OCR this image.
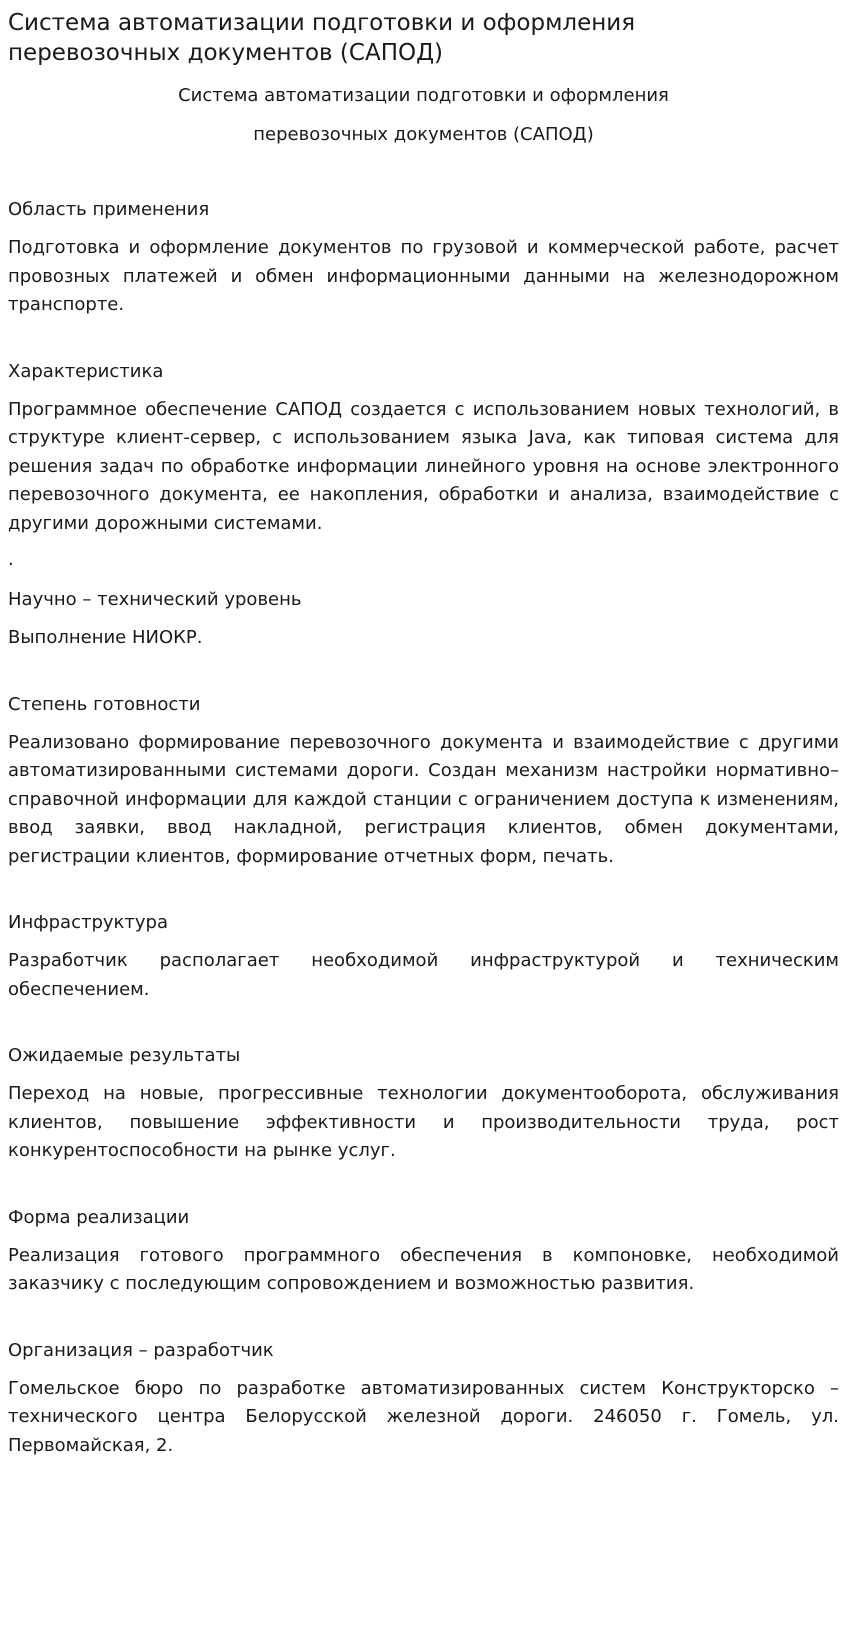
Система автоматизации подготовки и оформления перевозочных документов (САПОД)
Система автоматизации подготовки и оформления
перевозочных документов (САПОД)
Область применения

Подготовка и оформление документов по грузовой и коммерческой работе, расчет провозных платежей и обмен информационными данными на железнодорожном транспорте.

Характеристика

Программное обеспечение САПОД создается с использованием новых технологий, в структуре клиент-сервер, с использованием языка Java, как типовая система для решения задач по обработке информации линейного уровня на основе электронного перевозочного документа, ее накопления, обработки и анализа, взаимодействие с другими дорожными системами.

.
Научно – технический уровень

Выполнение НИОКР.

Степень готовности

Реализовано формирование перевозочного документа и взаимодействие с другими автоматизированными системами дороги. Создан механизм настройки нормативно–справочной информации для каждой станции с ограничением доступа к изменениям, ввод заявки, ввод накладной, регистрация клиентов, обмен документами, регистрации клиентов, формирование отчетных форм, печать.

Инфраструктура

Разработчик располагает необходимой инфраструктурой и техническим обеспечением.

Ожидаемые результаты

Переход на новые, прогрессивные технологии документооборота, обслуживания клиентов, повышение эффективности и производительности труда, рост конкурентоспособности на рынке услуг.

Форма реализации

Реализация готового программного обеспечения в компоновке, необходимой заказчику с последующим сопровождением и возможностью развития.

Организация – разработчик

Гомельское бюро по разработке автоматизированных систем Конструкторско – технического центра Белорусской железной дороги. 246050 г. Гомель, ул. Первомайская, 2.
